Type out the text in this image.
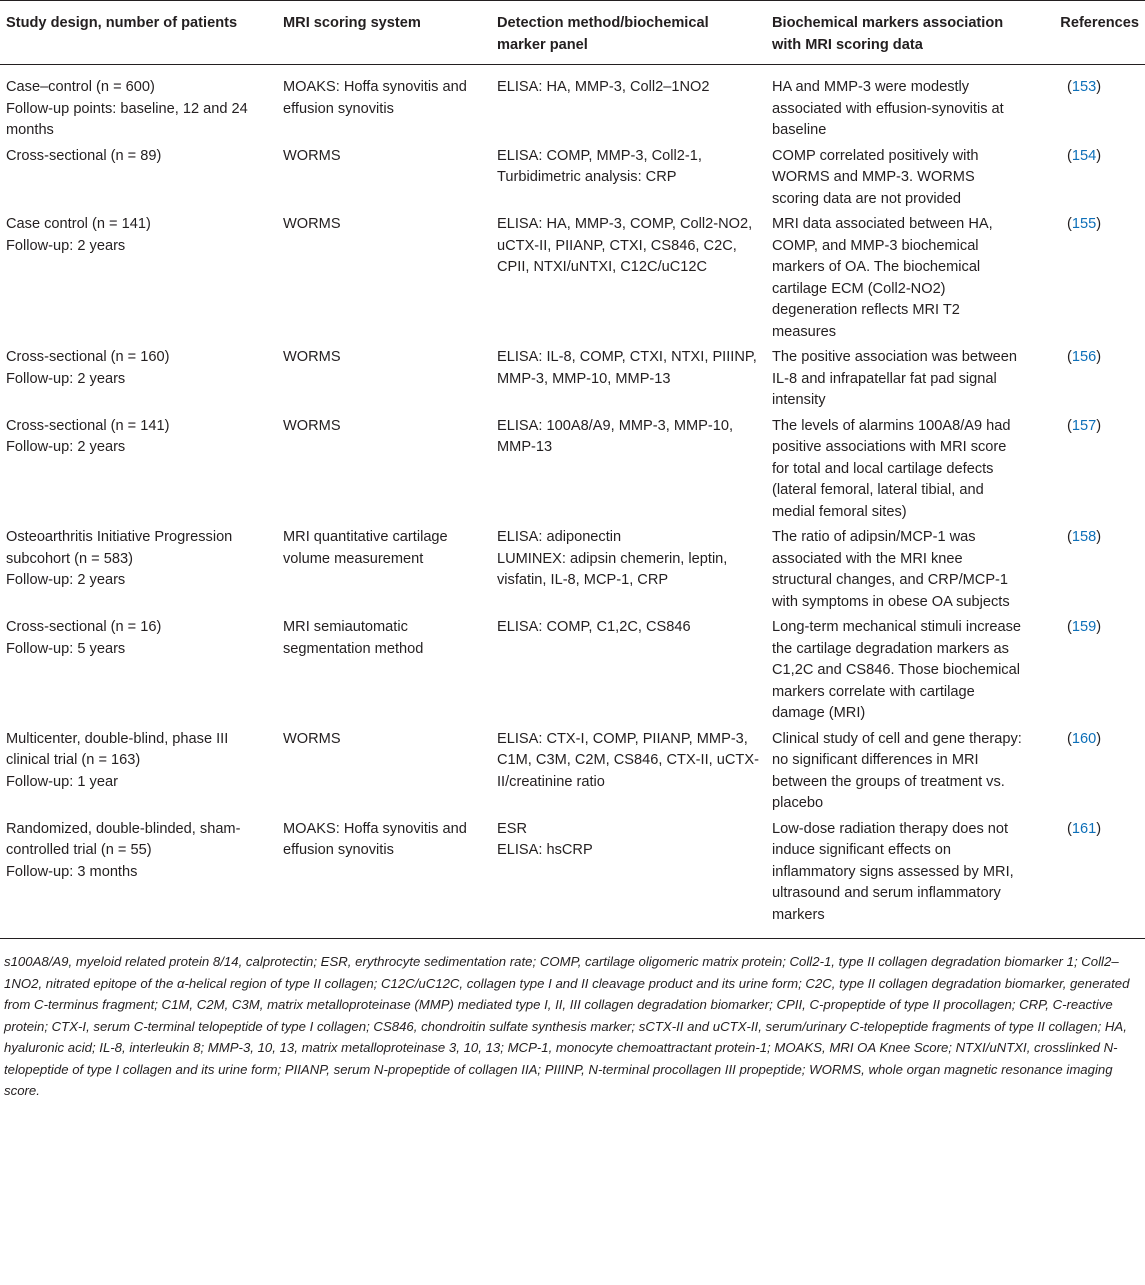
Study design, number of patients	MRI scoring system	Detection method/biochemical marker panel	Biochemical markers association with MRI scoring data	References

Case–control (n = 600)
Follow-up points: baseline, 12 and 24 months	MOAKS: Hoffa synovitis and effusion synovitis	ELISA: HA, MMP-3, Coll2–1NO2	HA and MMP-3 were modestly associated with effusion-synovitis at baseline	(153)

Cross-sectional (n = 89)	WORMS	ELISA: COMP, MMP-3, Coll2-1, Turbidimetric analysis: CRP	COMP correlated positively with WORMS and MMP-3. WORMS scoring data are not provided	(154)

Case control (n = 141)
Follow-up: 2 years	WORMS	ELISA: HA, MMP-3, COMP, Coll2-NO2, uCTX-II, PIIANP, CTXI, CS846, C2C, CPII, NTXI/uNTXI, C12C/uC12C	MRI data associated between HA, COMP, and MMP-3 biochemical markers of OA. The biochemical cartilage ECM (Coll2-NO2) degeneration reflects MRI T2 measures	(155)

Cross-sectional (n = 160)
Follow-up: 2 years	WORMS	ELISA: IL-8, COMP, CTXI, NTXI, PIIINP, MMP-3, MMP-10, MMP-13	The positive association was between IL-8 and infrapatellar fat pad signal intensity	(156)

Cross-sectional (n = 141)
Follow-up: 2 years	WORMS	ELISA: 100A8/A9, MMP-3, MMP-10, MMP-13	The levels of alarmins 100A8/A9 had positive associations with MRI score for total and local cartilage defects (lateral femoral, lateral tibial, and medial femoral sites)	(157)

Osteoarthritis Initiative Progression subcohort (n = 583)
Follow-up: 2 years	MRI quantitative cartilage volume measurement	ELISA: adiponectin
LUMINEX: adipsin chemerin, leptin, visfatin, IL-8, MCP-1, CRP	The ratio of adipsin/MCP-1 was associated with the MRI knee structural changes, and CRP/MCP-1 with symptoms in obese OA subjects	(158)

Cross-sectional (n = 16)
Follow-up: 5 years	MRI semiautomatic segmentation method	ELISA: COMP, C1,2C, CS846	Long-term mechanical stimuli increase the cartilage degradation markers as C1,2C and CS846. Those biochemical markers correlate with cartilage damage (MRI)	(159)

Multicenter, double-blind, phase III clinical trial (n = 163)
Follow-up: 1 year	WORMS	ELISA: CTX-I, COMP, PIIANP, MMP-3, C1M, C3M, C2M, CS846, CTX-II, uCTX-II/creatinine ratio	Clinical study of cell and gene therapy: no significant differences in MRI between the groups of treatment vs. placebo	(160)

Randomized, double-blinded, sham-controlled trial (n = 55)
Follow-up: 3 months	MOAKS: Hoffa synovitis and effusion synovitis	ESR
ELISA: hsCRP	Low-dose radiation therapy does not induce significant effects on inflammatory signs assessed by MRI, ultrasound and serum inflammatory markers	(161)
s100A8/A9, myeloid related protein 8/14, calprotectin; ESR, erythrocyte sedimentation rate; COMP, cartilage oligomeric matrix protein; Coll2-1, type II collagen degradation biomarker 1; Coll2–1NO2, nitrated epitope of the α-helical region of type II collagen; C12C/uC12C, collagen type I and II cleavage product and its urine form; C2C, type II collagen degradation biomarker, generated from C-terminus fragment; C1M, C2M, C3M, matrix metalloproteinase (MMP) mediated type I, II, III collagen degradation biomarker; CPII, C-propeptide of type II procollagen; CRP, C-reactive protein; CTX-I, serum C-terminal telopeptide of type I collagen; CS846, chondroitin sulfate synthesis marker; sCTX-II and uCTX-II, serum/urinary C-telopeptide fragments of type II collagen; HA, hyaluronic acid; IL-8, interleukin 8; MMP-3, 10, 13, matrix metalloproteinase 3, 10, 13; MCP-1, monocyte chemoattractant protein-1; MOAKS, MRI OA Knee Score; NTXI/uNTXI, crosslinked N-telopeptide of type I collagen and its urine form; PIIANP, serum N-propeptide of collagen IIA; PIIINP, N-terminal procollagen III propeptide; WORMS, whole organ magnetic resonance imaging score.
